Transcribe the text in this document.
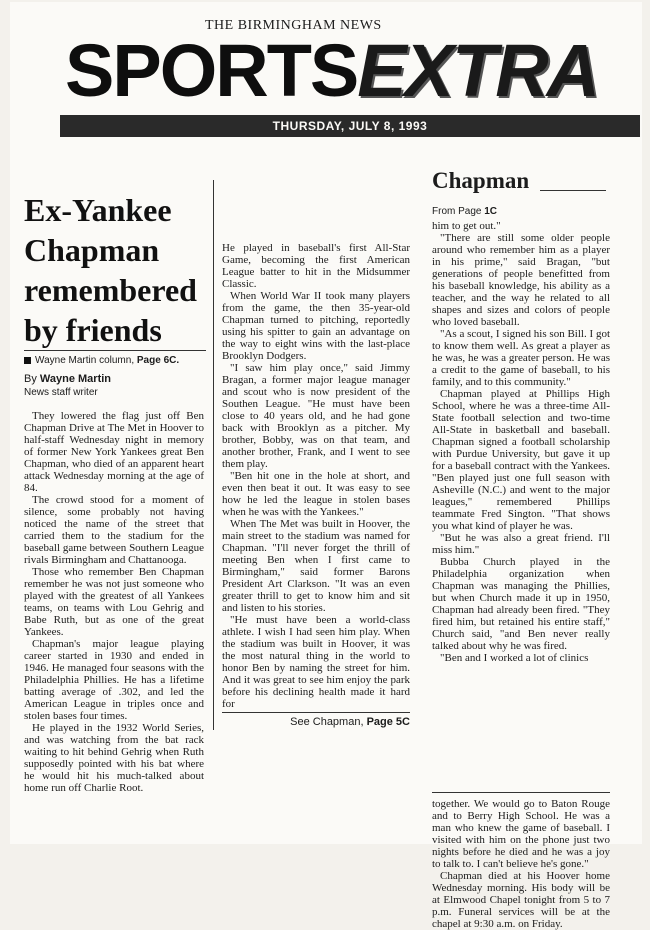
THE BIRMINGHAM NEWS
SPORTSEXTRA
THURSDAY, JULY 8, 1993
Ex-Yankee Chapman remembered by friends
Wayne Martin column, Page 6C.
By Wayne Martin
News staff writer

They lowered the flag just off Ben Chapman Drive at The Met in Hoover to half-staff Wednesday night in memory of former New York Yankees great Ben Chapman, who died of an apparent heart attack Wednesday morning at the age of 84.

The crowd stood for a moment of silence, some probably not having noticed the name of the street that carried them to the stadium for the baseball game between Southern League rivals Birmingham and Chattanooga.

Those who remember Ben Chapman remember he was not just someone who played with the greatest of all Yankees teams, on teams with Lou Gehrig and Babe Ruth, but as one of the great Yankees.

Chapman's major league playing career started in 1930 and ended in 1946. He managed four seasons with the Philadelphia Phillies. He has a lifetime batting average of .302, and led the American League in triples once and stolen bases four times.

He played in the 1932 World Series, and was watching from the bat rack waiting to hit behind Gehrig when Ruth supposedly pointed with his bat where he would hit his much-talked about home run off Charlie Root.

He played in baseball's first All-Star Game, becoming the first American League batter to hit in the Midsummer Classic.

When World War II took many players from the game, the then 35-year-old Chapman turned to pitching, reportedly using his spitter to gain an advantage on the way to eight wins with the last-place Brooklyn Dodgers.

"I saw him play once," said Jimmy Bragan, a former major league manager and scout who is now president of the Southen League. "He must have been close to 40 years old, and he had gone back with Brooklyn as a pitcher. My brother, Bobby, was on that team, and another brother, Frank, and I went to see them play.

"Ben hit one in the hole at short, and even then beat it out. It was easy to see how he led the league in stolen bases when he was with the Yankees."

When The Met was built in Hoover, the main street to the stadium was named for Chapman. "I'll never forget the thrill of meeting Ben when I first came to Birmingham," said former Barons President Art Clarkson. "It was an even greater thrill to get to know him and sit and listen to his stories.

"He must have been a world-class athlete. I wish I had seen him play. When the stadium was built in Hoover, it was the most natural thing in the world to honor Ben by naming the street for him. And it was great to see him enjoy the park before his declining health made it hard for

See Chapman, Page 5C
Chapman
From Page 1C

him to get out."

"There are still some older people around who remember him as a player in his prime," said Bragan, "but generations of people benefitted from his baseball knowledge, his ability as a teacher, and the way he related to all shapes and sizes and colors of people who loved baseball.

"As a scout, I signed his son Bill. I got to know them well. As great a player as he was, he was a greater person. He was a credit to the game of baseball, to his family, and to this community."

Chapman played at Phillips High School, where he was a three-time All-State football selection and two-time All-State in basketball and baseball. Chapman signed a football scholarship with Purdue University, but gave it up for a baseball contract with the Yankees. "Ben played just one full season with Asheville (N.C.) and went to the major leagues," remembered Phillips teammate Fred Sington. "That shows you what kind of player he was.

"But he was also a great friend. I'll miss him."

Bubba Church played in the Philadelphia organization when Chapman was managing the Phillies, but when Church made it up in 1950, Chapman had already been fired. "They fired him, but retained his entire staff," Church said, "and Ben never really talked about why he was fired.

"Ben and I worked a lot of clinics

together. We would go to Baton Rouge and to Berry High School. He was a man who knew the game of baseball. I visited with him on the phone just two nights before he died and he was a joy to talk to. I can't believe he's gone."

Chapman died at his Hoover home Wednesday morning. His body will be at Elmwood Chapel tonight from 5 to 7 p.m. Funeral services will be at the chapel at 9:30 a.m. on Friday.
